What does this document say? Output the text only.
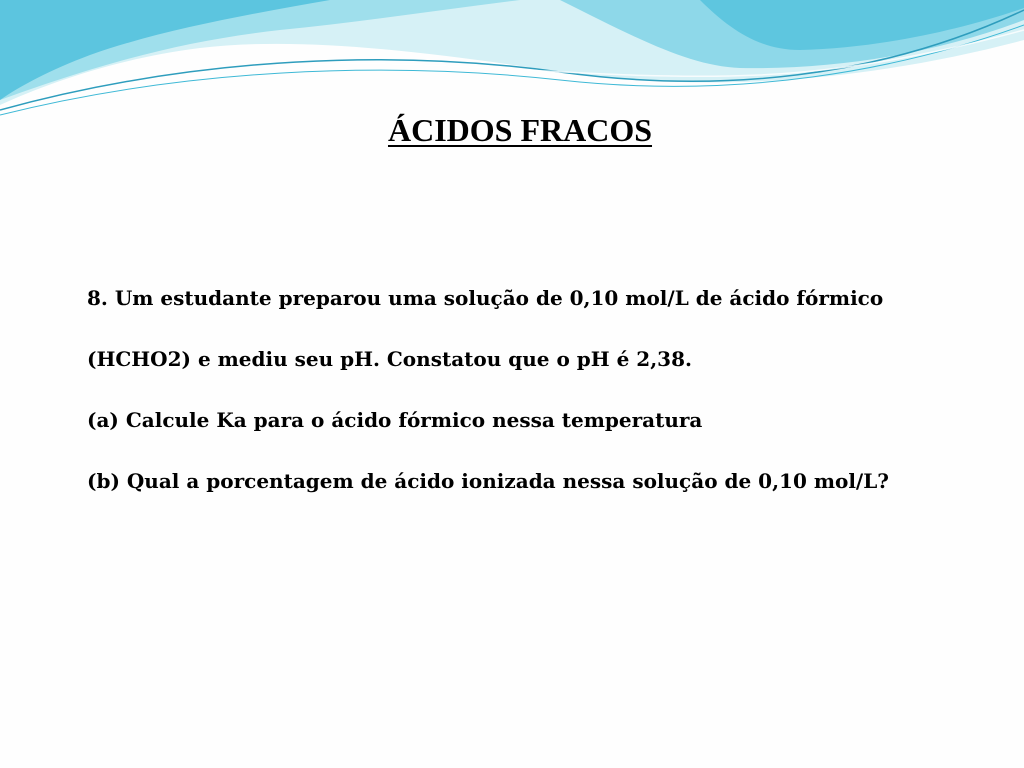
ÁCIDOS FRACOS

8. Um estudante preparou uma solução de 0,10 mol/L de ácido fórmico

(HCHO2) e mediu seu pH. Constatou que o pH é 2,38.

(a) Calcule Ka para o ácido fórmico nessa temperatura

(b) Qual a porcentagem de ácido ionizada nessa solução de 0,10 mol/L?
